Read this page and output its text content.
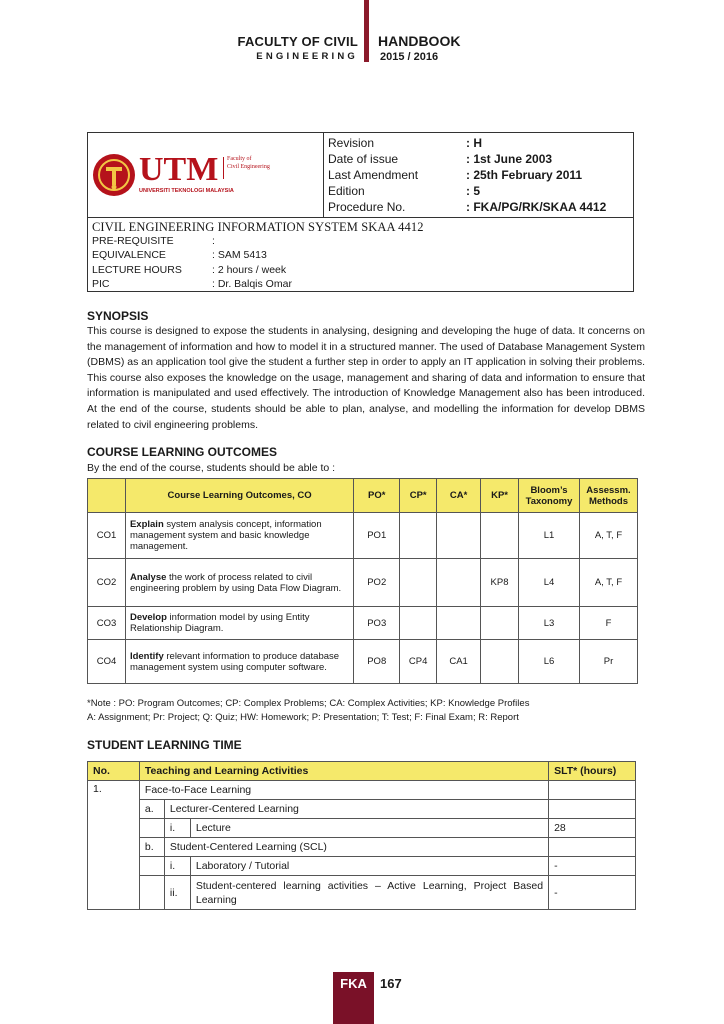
FACULTY OF CIVIL
ENGINEERING
HANDBOOK
2015 / 2016
UTM
UNIVERSITI TEKNOLOGI MALAYSIA
Faculty of
Civil Engineering
Revision	: H
Date of issue	: 1st June 2003
Last Amendment	: 25th February 2011
Edition	: 5
Procedure No.	: FKA/PG/RK/SKAA 4412
CIVIL ENGINEERING INFORMATION SYSTEM SKAA 4412
PRE-REQUISITE	:
EQUIVALENCE	: SAM 5413
LECTURE HOURS	: 2 hours / week
PIC	: Dr. Balqis Omar
SYNOPSIS
This course is designed to expose the students in analysing, designing and developing the huge of data. It concerns on the management of information and how to model it in a structured manner. The used of Database Management System (DBMS) as an application tool give the student a further step in order to apply an IT application in solving their problems. This course also exposes the knowledge on the usage, management and sharing of data and information to ensure that information is manipulated and used effectively. The introduction of Knowledge Management also has been introduced. At the end of the course, students should be able to plan, analyse, and modelling the information for develop DBMS related to civil engineering problems.
COURSE LEARNING OUTCOMES
By the end of the course, students should be able to :
	Course Learning Outcomes, CO	PO*	CP*	CA*	KP*	Bloom’s Taxonomy	Assessm. Methods
CO1	Explain system analysis concept, information management system and basic knowledge management.	PO1				L1	A, T, F
CO2	Analyse the work of process related to civil engineering problem by using Data Flow Diagram.	PO2			KP8	L4	A, T, F
CO3	Develop information model by using Entity Relationship Diagram.	PO3				L3	F
CO4	Identify relevant information to produce database management system using computer software.	PO8	CP4	CA1		L6	Pr
*Note : PO: Program Outcomes; CP: Complex Problems; CA: Complex Activities; KP: Knowledge Profiles
A: Assignment; Pr: Project; Q: Quiz; HW: Homework; P: Presentation; T: Test; F: Final Exam; R: Report
STUDENT LEARNING TIME
No.	Teaching and Learning Activities			SLT* (hours)
1.	Face-to-Face Learning			
	a.	Lecturer-Centered Learning		
		i.	Lecture	28
	b.	Student-Centered Learning (SCL)		
		i.	Laboratory / Tutorial	-
		ii.	Student-centered learning activities – Active Learning, Project Based Learning	-
FKA	167
